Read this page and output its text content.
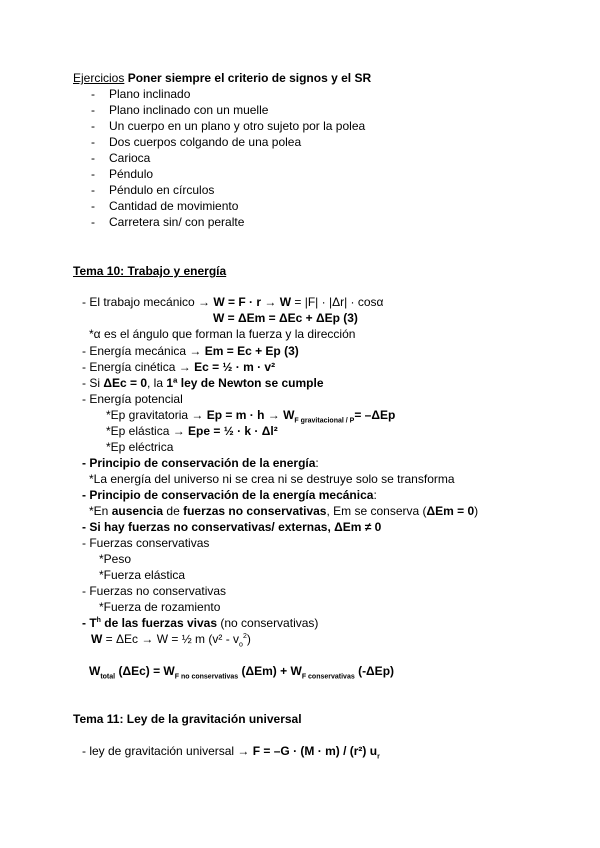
Ejercicios Poner siempre el criterio de signos y el SR
- Plano inclinado
- Plano inclinado con un muelle
- Un cuerpo en un plano y otro sujeto por la polea
- Dos cuerpos colgando de una polea
- Carioca
- Péndulo
- Péndulo en círculos
- Cantidad de movimiento
- Carretera sin/ con peralte
Tema 10: Trabajo y energía
- El trabajo mecánico → W = F · r → W = |F| · |Δr| · cosα
W = ΔEm = ΔEc + ΔEp (3)
*α es el ángulo que forman la fuerza y la dirección
- Energía mecánica → Em = Ec + Ep (3)
- Energía cinética → Ec = ½ · m · v²
- Si ΔEc = 0, la 1ª ley de Newton se cumple
- Energía potencial
*Ep gravitatoria → $Ep = m \cdot h \to W_{F gravitacional / P}= -\Delta Ep$
*Ep elástica → Epe = ½ · k · Δl²
*Ep eléctrica
- Principio de conservación de la energía:
*La energía del universo ni se crea ni se destruye solo se transforma
- Principio de conservación de la energía mecánica:
*En ausencia de fuerzas no conservativas, Em se conserva (ΔEm = 0)
- Si hay fuerzas no conservativas/ externas, ΔEm ≠ 0
- Fuerzas conservativas
*Peso
*Fuerza elástica
- Fuerzas no conservativas
*Fuerza de rozamiento
- $T^h$ de las fuerzas vivas (no conservativas)
W = ΔEc → W = ½ m $(v^2 - v_o^2)$
$W_{total}$ $(\Delta Ec) = W_{F no conservativas}$ $(\Delta Em) + W_{F conservativas}$ (-ΔEp)
Tema 11: Ley de la gravitación universal
- ley de gravitación universal → F = –G · (M · m) / (r²) $u_r$
